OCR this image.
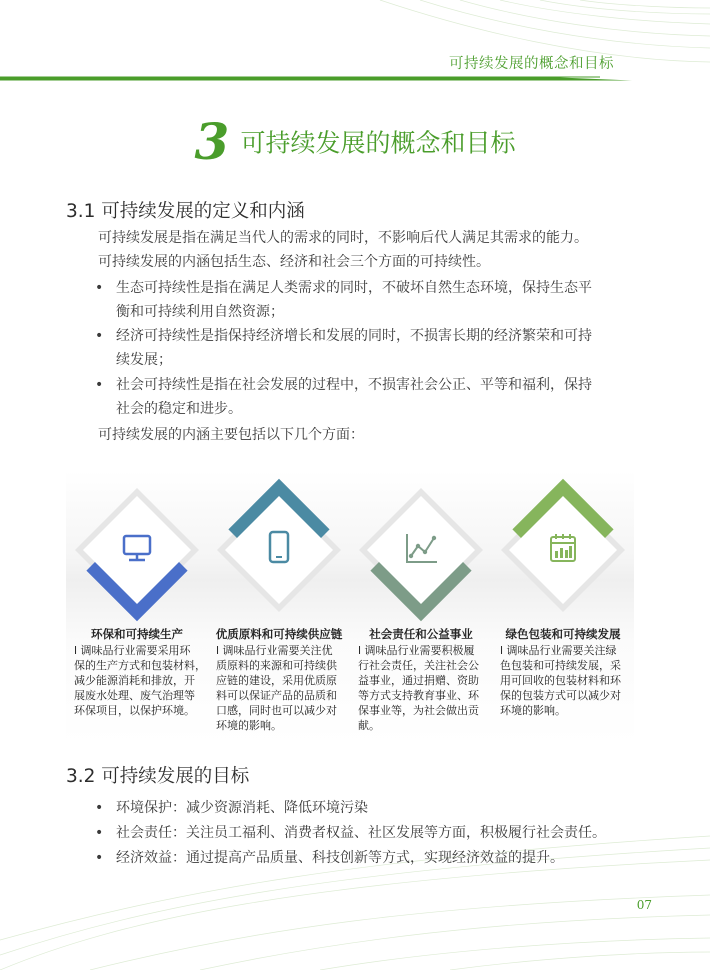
可持续发展的概念和目标
3 可持续发展的概念和目标
3.1 可持续发展的定义和内涵
可持续发展是指在满足当代人的需求的同时，不影响后代人满足其需求的能力。
可持续发展的内涵包括生态、经济和社会三个方面的可持续性。
• 生态可持续性是指在满足人类需求的同时，不破坏自然生态环境，保持生态平
衡和可持续利用自然资源；
• 经济可持续性是指保持经济增长和发展的同时，不损害长期的经济繁荣和可持
续发展；
• 社会可持续性是指在社会发展的过程中，不损害社会公正、平等和福利，保持
社会的稳定和进步。
可持续发展的内涵主要包括以下几个方面：
环保和可持续生产
l 调味品行业需要采用环
保的生产方式和包装材料，
减少能源消耗和排放，开
展废水处理、废气治理等
环保项目，以保护环境。
优质原料和可持续供应链
l 调味品行业需要关注优
质原料的来源和可持续供
应链的建设，采用优质原
料可以保证产品的品质和
口感，同时也可以减少对
环境的影响。
社会责任和公益事业
l 调味品行业需要积极履
行社会责任，关注社会公
益事业，通过捐赠、资助
等方式支持教育事业、环
保事业等，为社会做出贡
献。
绿色包装和可持续发展
l 调味品行业需要关注绿
色包装和可持续发展，采
用可回收的包装材料和环
保的包装方式可以减少对
环境的影响。
3.2 可持续发展的目标
• 环境保护：减少资源消耗、降低环境污染
• 社会责任：关注员工福利、消费者权益、社区发展等方面，积极履行社会责任。
• 经济效益：通过提高产品质量、科技创新等方式，实现经济效益的提升。
07
